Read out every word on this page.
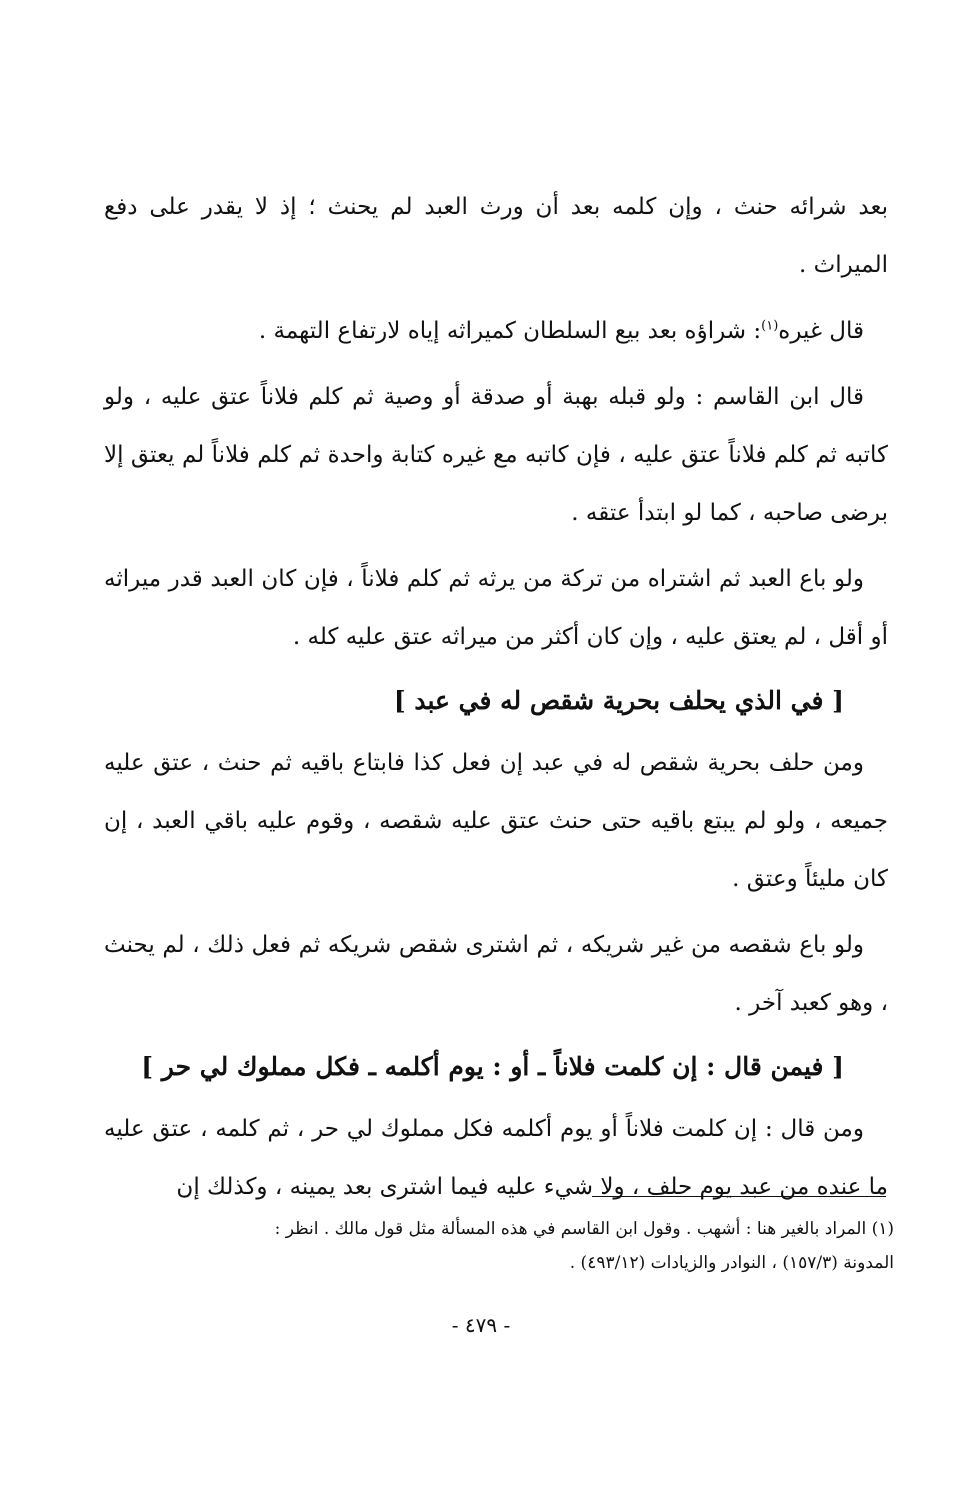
بعد شرائه حنث ، وإن كلمه بعد أن ورث العبد لم يحنث ؛ إذ لا يقدر على دفع الميراث .

قال غيره$^{(١)}$: شراؤه بعد بيع السلطان كميراثه إياه لارتفاع التهمة .

قال ابن القاسم : ولو قبله بهبة أو صدقة أو وصية ثم كلم فلاناً عتق عليه ، ولو كاتبه ثم كلم فلاناً عتق عليه ، فإن كاتبه مع غيره كتابة واحدة ثم كلم فلاناً لم يعتق إلا برضى صاحبه ، كما لو ابتدأ عتقه .

ولو باع العبد ثم اشتراه من تركة من يرثه ثم كلم فلاناً ، فإن كان العبد قدر ميراثه أو أقل ، لم يعتق عليه ، وإن كان أكثر من ميراثه عتق عليه كله .

[ في الذي يحلف بحرية شقص له في عبد ]

ومن حلف بحرية شقص له في عبد إن فعل كذا فابتاع باقيه ثم حنث ، عتق عليه جميعه ، ولو لم يبتع باقيه حتى حنث عتق عليه شقصه ، وقوم عليه باقي العبد ، إن كان مليئاً وعتق .

ولو باع شقصه من غير شريكه ، ثم اشترى شقص شريكه ثم فعل ذلك ، لم يحنث ، وهو كعبد آخر .

[ فيمن قال : إن كلمت فلاناً ـ أو : يوم أكلمه ـ فكل مملوك لي حر ]

ومن قال : إن كلمت فلاناً أو يوم أكلمه فكل مملوك لي حر ، ثم كلمه ، عتق عليه ما عنده من عبد يوم حلف ، ولا شيء عليه فيما اشترى بعد يمينه ، وكذلك إن

(١) المراد بالغير هنا : أشهب . وقول ابن القاسم في هذه المسألة مثل قول مالك . انظر :

المدونة (١٥٧/٣) ، النوادر والزيادات (٤٩٣/١٢) .

- ٤٧٩ -
